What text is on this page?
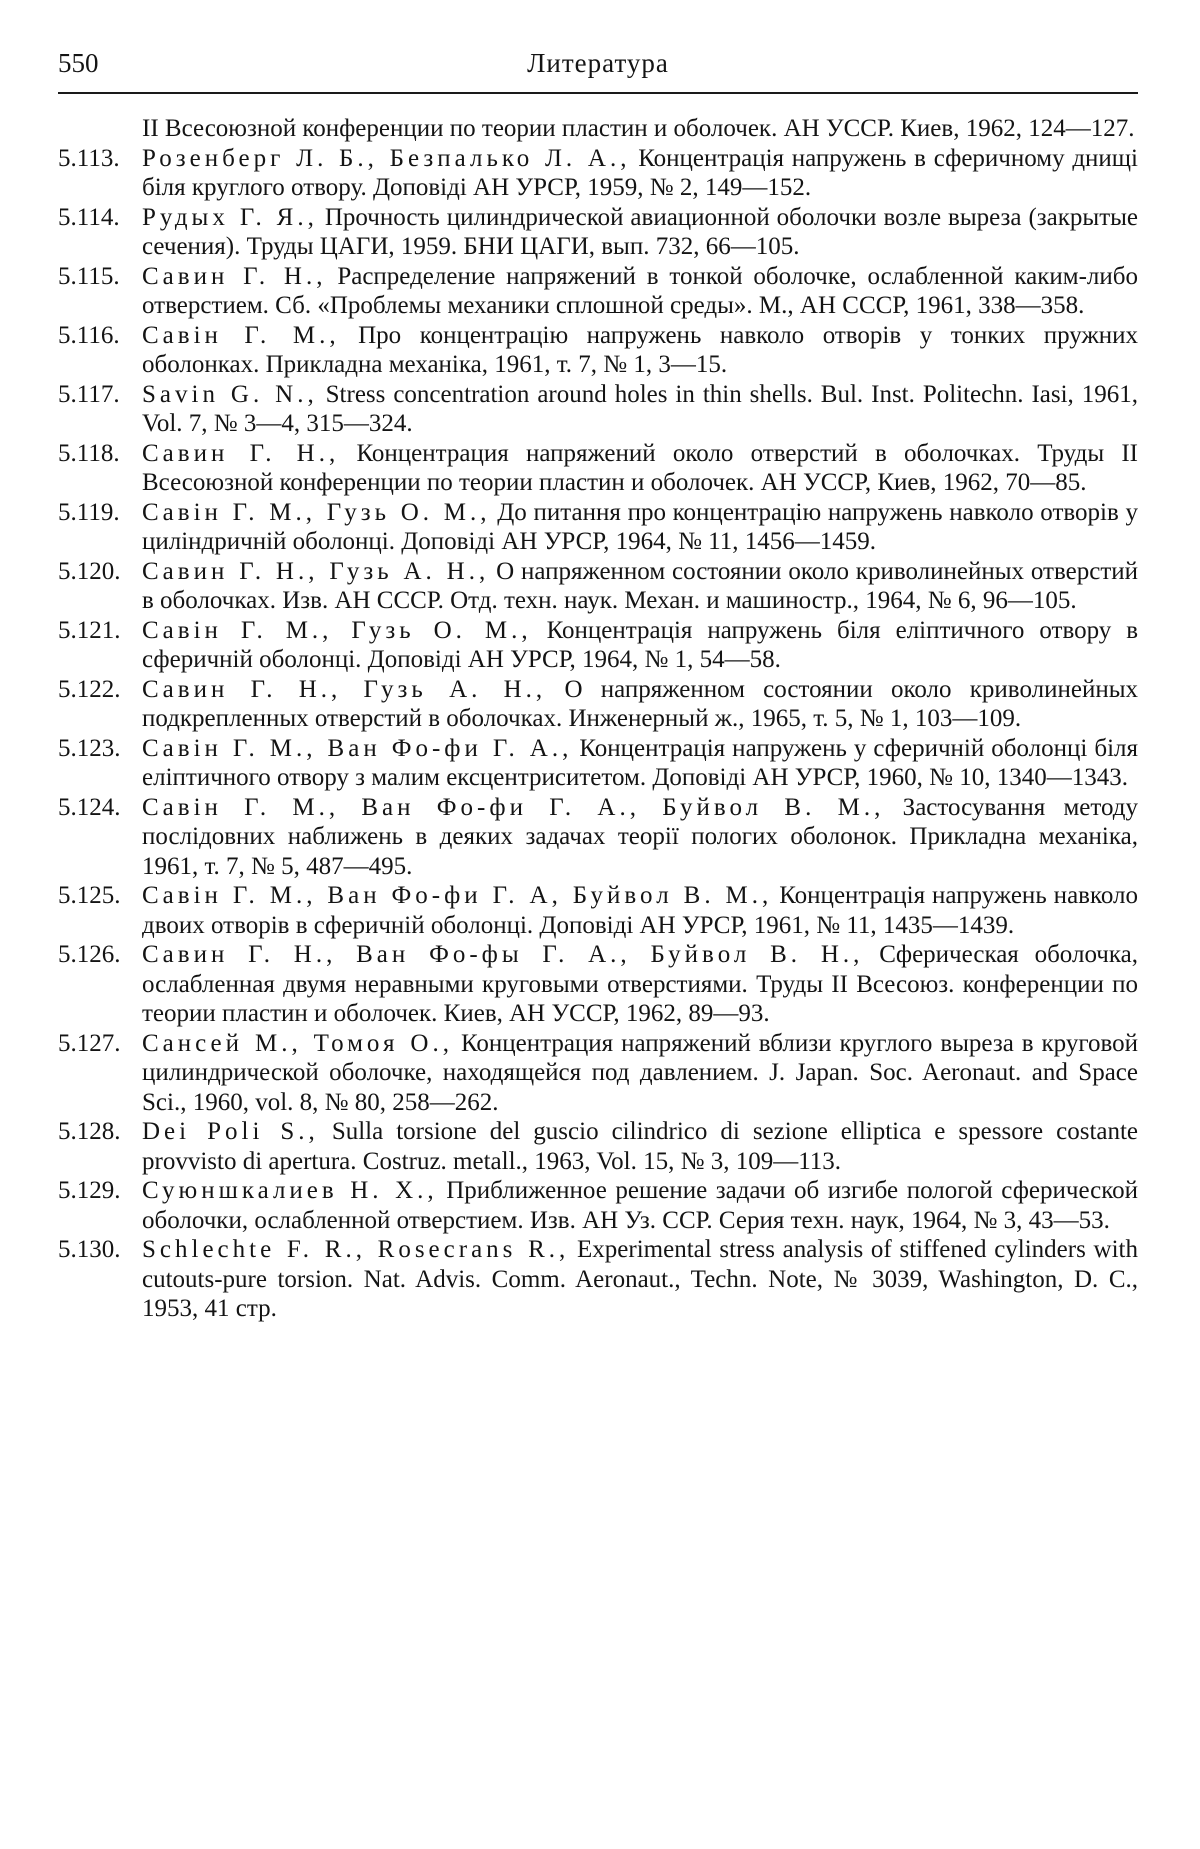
550	Литература
II Всесоюзной конференции по теории пластин и оболочек. АН УССР. Киев, 1962, 124—127.
5.113. Розенберг Л. Б., Безпалько Л. А., Концентрація напружень в сферичному днищі біля круглого отвору. Доповіді АН УРСР, 1959, № 2, 149—152.
5.114. Рудых Г. Я., Прочность цилиндрической авиационной оболочки возле выреза (закрытые сечения). Труды ЦАГИ, 1959. БНИ ЦАГИ, вып. 732, 66—105.
5.115. Савин Г. Н., Распределение напряжений в тонкой оболочке, ослабленной каким-либо отверстием. Сб. «Проблемы механики сплошной среды». М., АН СССР, 1961, 338—358.
5.116. Савін Г. М., Про концентрацію напружень навколо отворів у тонких пружних оболонках. Прикладна механіка, 1961, т. 7, № 1, 3—15.
5.117. Savin G. N., Stress concentration around holes in thin shells. Bul. Inst. Politechn. Iasi, 1961, Vol. 7, № 3—4, 315—324.
5.118. Савин Г. Н., Концентрация напряжений около отверстий в оболочках. Труды II Всесоюзной конференции по теории пластин и оболочек. АН УССР, Киев, 1962, 70—85.
5.119. Савін Г. М., Гузь О. М., До питання про концентрацію напружень навколо отворів у циліндричній оболонці. Доповіді АН УРСР, 1964, № 11, 1456—1459.
5.120. Савин Г. Н., Гузь А. Н., О напряженном состоянии около криволинейных отверстий в оболочках. Изв. АН СССР. Отд. техн. наук. Механ. и машиностр., 1964, № 6, 96—105.
5.121. Савін Г. М., Гузь О. М., Концентрація напружень біля еліптичного отвору в сферичній оболонці. Доповіді АН УРСР, 1964, № 1, 54—58.
5.122. Савин Г. Н., Гузь А. Н., О напряженном состоянии около криволинейных подкрепленных отверстий в оболочках. Инженерный ж., 1965, т. 5, № 1, 103—109.
5.123. Савін Г. М., Ван Фо-фи Г. А., Концентрація напружень у сферичній оболонці біля еліптичного отвору з малим ексцентриситетом. Доповіді АН УРСР, 1960, № 10, 1340—1343.
5.124. Савін Г. М., Ван Фо-фи Г. А., Буйвол В. М., Застосування методу послідовних наближень в деяких задачах теорії пологих оболонок. Прикладна механіка, 1961, т. 7, № 5, 487—495.
5.125. Савін Г. М., Ван Фо-фи Г. А, Буйвол В. М., Концентрація напружень навколо двоих отворів в сферичній оболонці. Доповіді АН УРСР, 1961, № 11, 1435—1439.
5.126. Савин Г. Н., Ван Фо-фы Г. А., Буйвол В. Н., Сферическая оболочка, ослабленная двумя неравными круговыми отверстиями. Труды II Всесоюз. конференции по теории пластин и оболочек. Киев, АН УССР, 1962, 89—93.
5.127. Сансей М., Томоя О., Концентрация напряжений вблизи круглого выреза в круговой цилиндрической оболочке, находящейся под давлением. J. Japan. Soc. Aeronaut. and Space Sci., 1960, vol. 8, № 80, 258—262.
5.128. Dei Poli S., Sulla torsione del guscio cilindrico di sezione elliptica e spessore costante provvisto di apertura. Costruz. metall., 1963, Vol. 15, № 3, 109—113.
5.129. Суюншкалиев Н. Х., Приближенное решение задачи об изгибе пологой сферической оболочки, ослабленной отверстием. Изв. АН Уз. ССР. Серия техн. наук, 1964, № 3, 43—53.
5.130. Schlechte F. R., Rosecrans R., Experimental stress analysis of stiffened cylinders with cutouts-pure torsion. Nat. Advis. Comm. Aeronaut., Techn. Note, № 3039, Washington, D. C., 1953, 41 стр.
